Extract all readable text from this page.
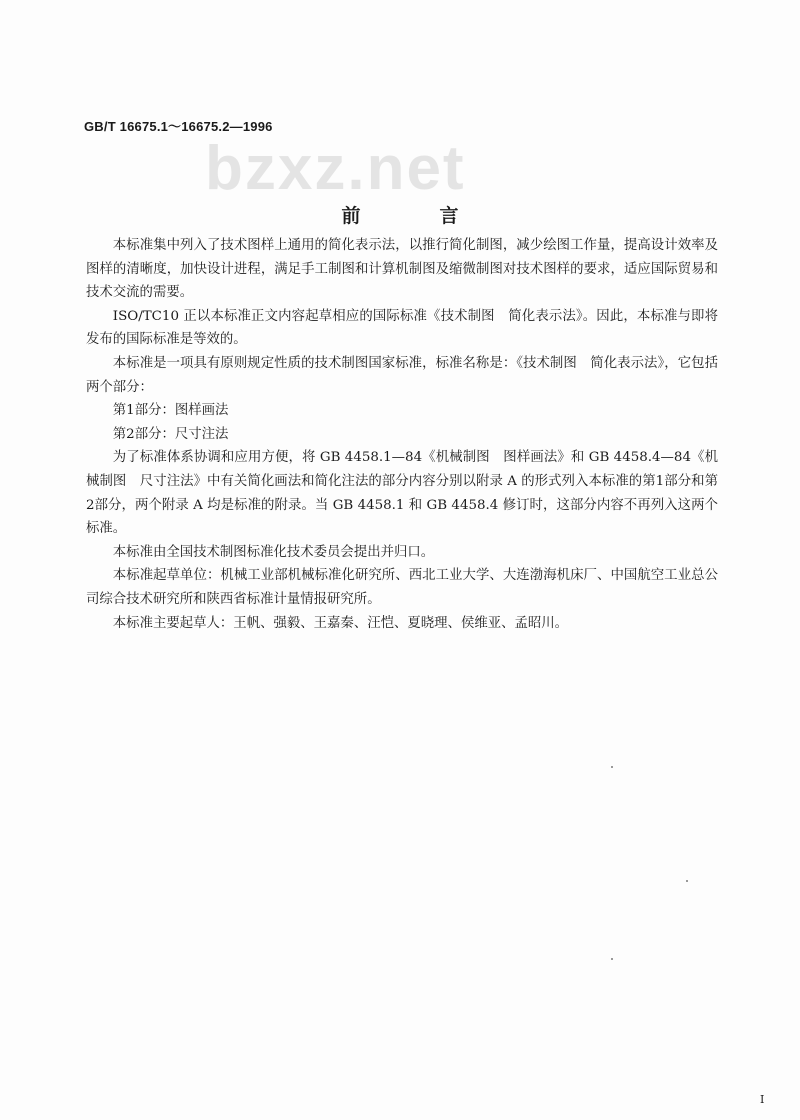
bzxz.net
GB/T 16675.1～16675.2—1996
前　言

本标准集中列入了技术图样上通用的简化表示法，以推行简化制图，减少绘图工作量，提高设计效率及图样的清晰度，加快设计进程，满足手工制图和计算机制图及缩微制图对技术图样的要求，适应国际贸易和技术交流的需要。

ISO/TC10 正以本标准正文内容起草相应的国际标准《技术制图　简化表示法》。因此，本标准与即将发布的国际标准是等效的。

本标准是一项具有原则规定性质的技术制图国家标准，标准名称是：《技术制图　简化表示法》，它包括两个部分：

第1部分：图样画法

第2部分：尺寸注法

为了标准体系协调和应用方便，将 GB 4458.1—84《机械制图　图样画法》和 GB 4458.4—84《机械制图　尺寸注法》中有关简化画法和简化注法的部分内容分别以附录 A 的形式列入本标准的第1部分和第2部分，两个附录 A 均是标准的附录。当 GB 4458.1 和 GB 4458.4 修订时，这部分内容不再列入这两个标准。

本标准由全国技术制图标准化技术委员会提出并归口。

本标准起草单位：机械工业部机械标准化研究所、西北工业大学、大连渤海机床厂、中国航空工业总公司综合技术研究所和陕西省标准计量情报研究所。

本标准主要起草人：王帆、强毅、王嘉秦、汪恺、夏晓理、侯维亚、孟昭川。

I
